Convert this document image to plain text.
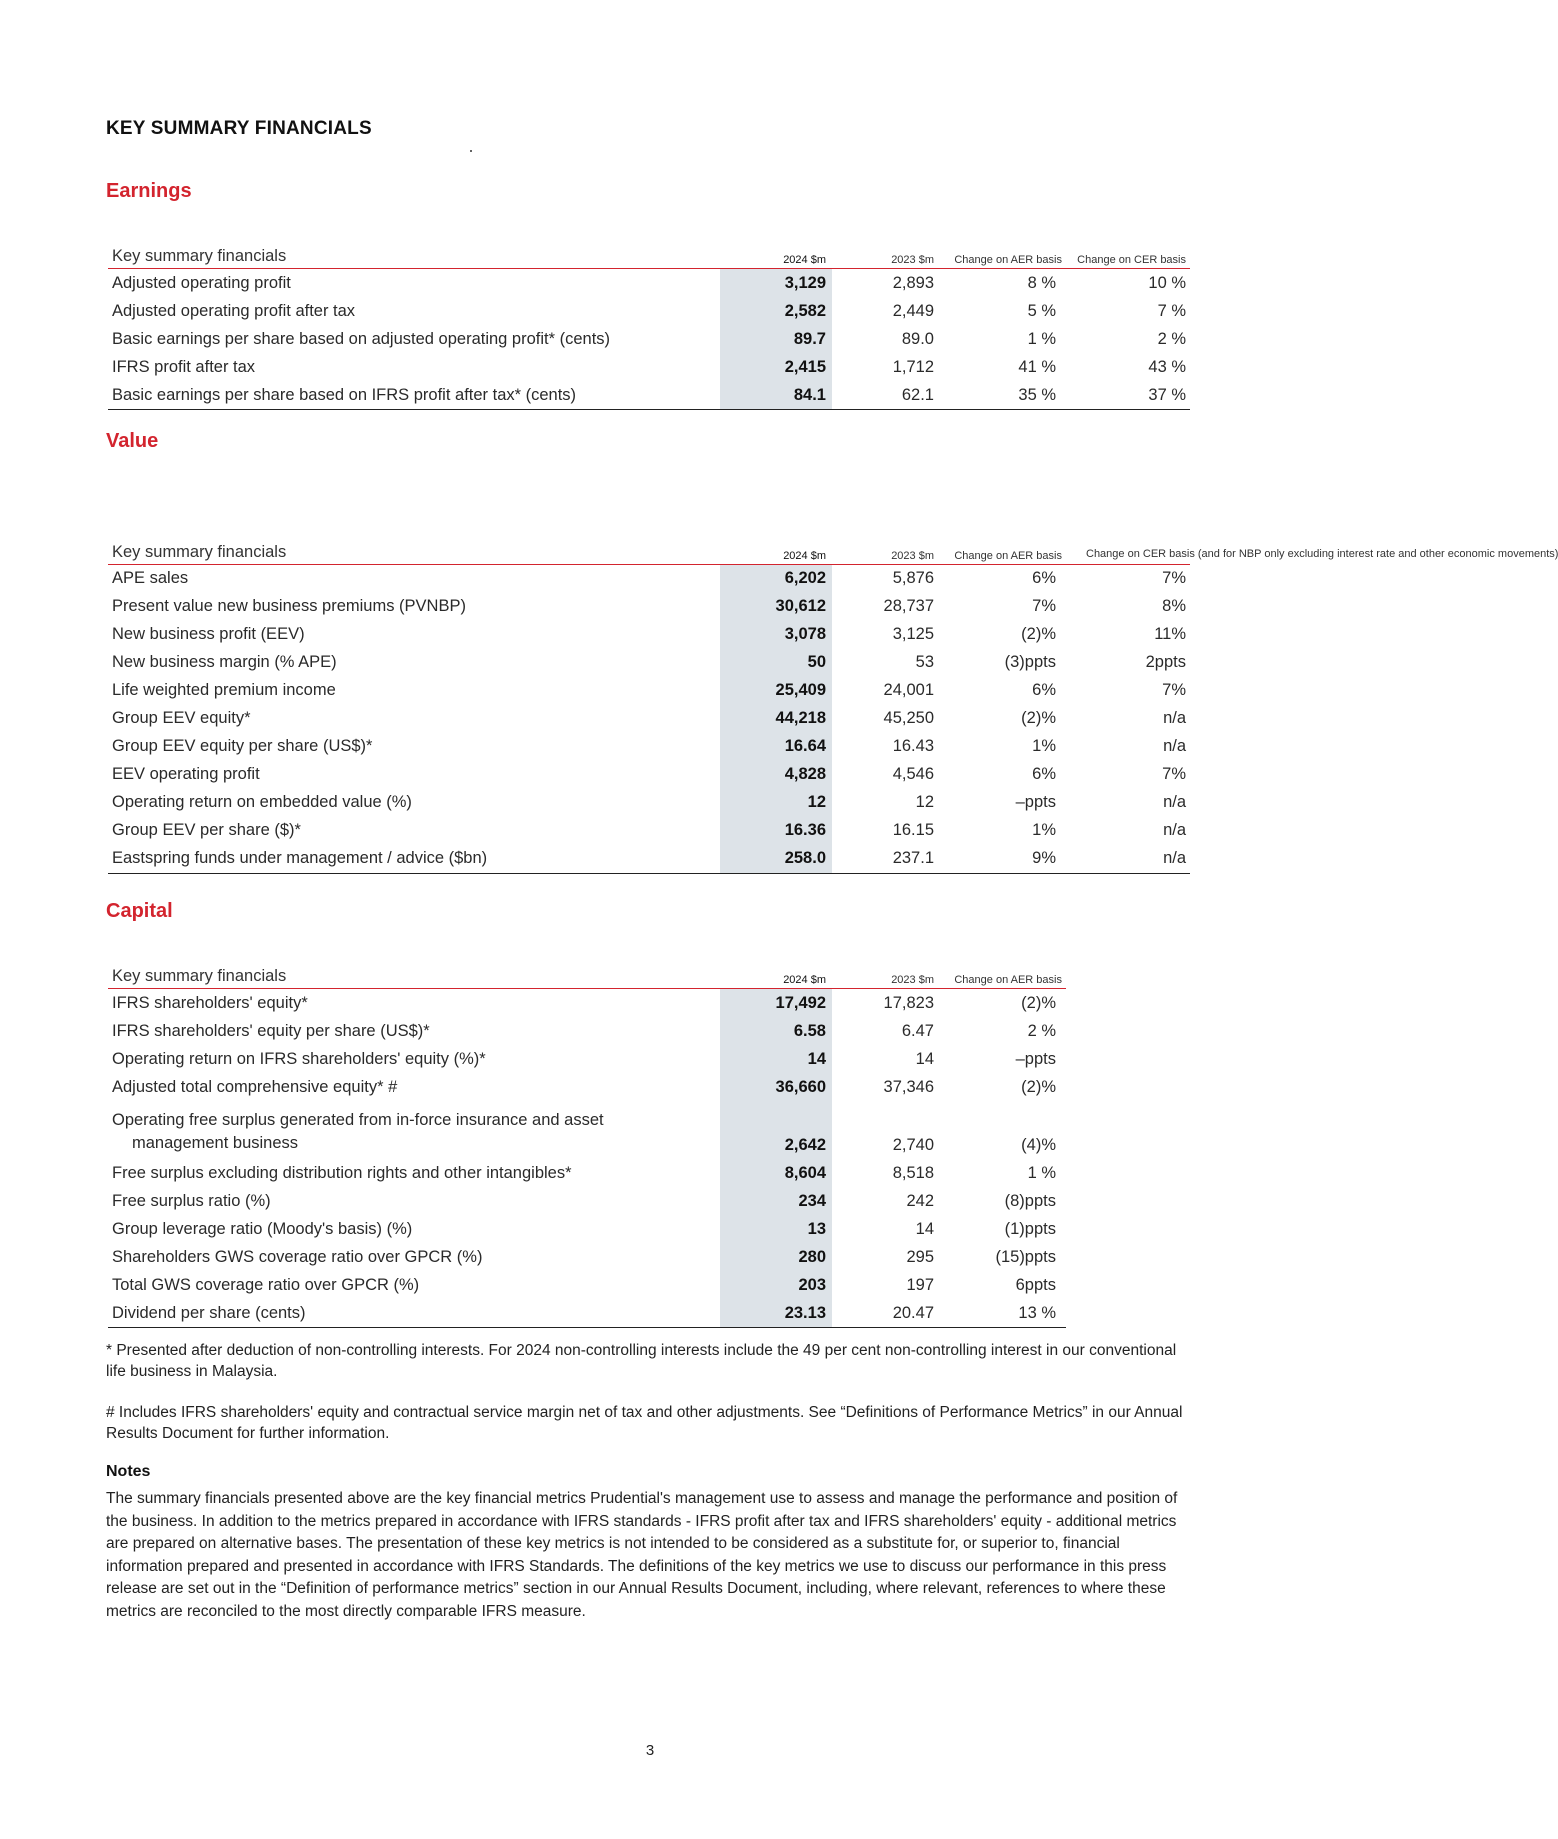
KEY SUMMARY FINANCIALS
Earnings
Key summary financials	2024 $m	2023 $m	Change on AER basis	Change on CER basis
Adjusted operating profit	3,129	2,893	8 %	10 %
Adjusted operating profit after tax	2,582	2,449	5 %	7 %
Basic earnings per share based on adjusted operating profit* (cents)	89.7	89.0	1 %	2 %
IFRS profit after tax	2,415	1,712	41 %	43 %
Basic earnings per share based on IFRS profit after tax* (cents)	84.1	62.1	35 %	37 %
Value
Key summary financials	2024 $m	2023 $m	Change on AER basis	Change on CER basis (and for NBP only excluding interest rate and other economic movements)

APE sales	6,202	5,876	6%	7%
Present value new business premiums (PVNBP)	30,612	28,737	7%	8%
New business profit (EEV)	3,078	3,125	(2)%	11%
New business margin (% APE)	50	53	(3)ppts	2ppts
Life weighted premium income	25,409	24,001	6%	7%
Group EEV equity*	44,218	45,250	(2)%	n/a
Group EEV equity per share (US$)*	16.64	16.43	1%	n/a
EEV operating profit	4,828	4,546	6%	7%
Operating return on embedded value (%)	12	12	–ppts	n/a
Group EEV per share ($)*	16.36	16.15	1%	n/a
Eastspring funds under management / advice ($bn)	258.0	237.1	9%	n/a
Capital
Key summary financials	2024 $m	2023 $m	Change on AER basis
IFRS shareholders' equity*	17,492	17,823	(2)%
IFRS shareholders' equity per share (US$)*	6.58	6.47	2 %
Operating return on IFRS shareholders' equity (%)*	14	14	–ppts
Adjusted total comprehensive equity* #	36,660	37,346	(2)%

Operating free surplus generated from in-force insurance and asset
management business	2,642	2,740	(4)%
Free surplus excluding distribution rights and other intangibles*	8,604	8,518	1 %
Free surplus ratio (%)	234	242	(8)ppts
Group leverage ratio (Moody's basis) (%)	13	14	(1)ppts
Shareholders GWS coverage ratio over GPCR (%)	280	295	(15)ppts
Total GWS coverage ratio over GPCR (%)	203	197	6ppts
Dividend per share (cents)	23.13	20.47	13 %
* Presented after deduction of non-controlling interests. For 2024 non-controlling interests include the 49 per cent non-controlling interest in our conventional life business in Malaysia.
# Includes IFRS shareholders' equity and contractual service margin net of tax and other adjustments. See “Definitions of Performance Metrics” in our Annual Results Document for further information.
Notes
The summary financials presented above are the key financial metrics Prudential's management use to assess and manage the performance and position of the business. In addition to the metrics prepared in accordance with IFRS standards - IFRS profit after tax and IFRS shareholders' equity - additional metrics are prepared on alternative bases. The presentation of these key metrics is not intended to be considered as a substitute for, or superior to, financial information prepared and presented in accordance with IFRS Standards. The definitions of the key metrics we use to discuss our performance in this press release are set out in the “Definition of performance metrics” section in our Annual Results Document, including, where relevant, references to where these metrics are reconciled to the most directly comparable IFRS measure.
3
